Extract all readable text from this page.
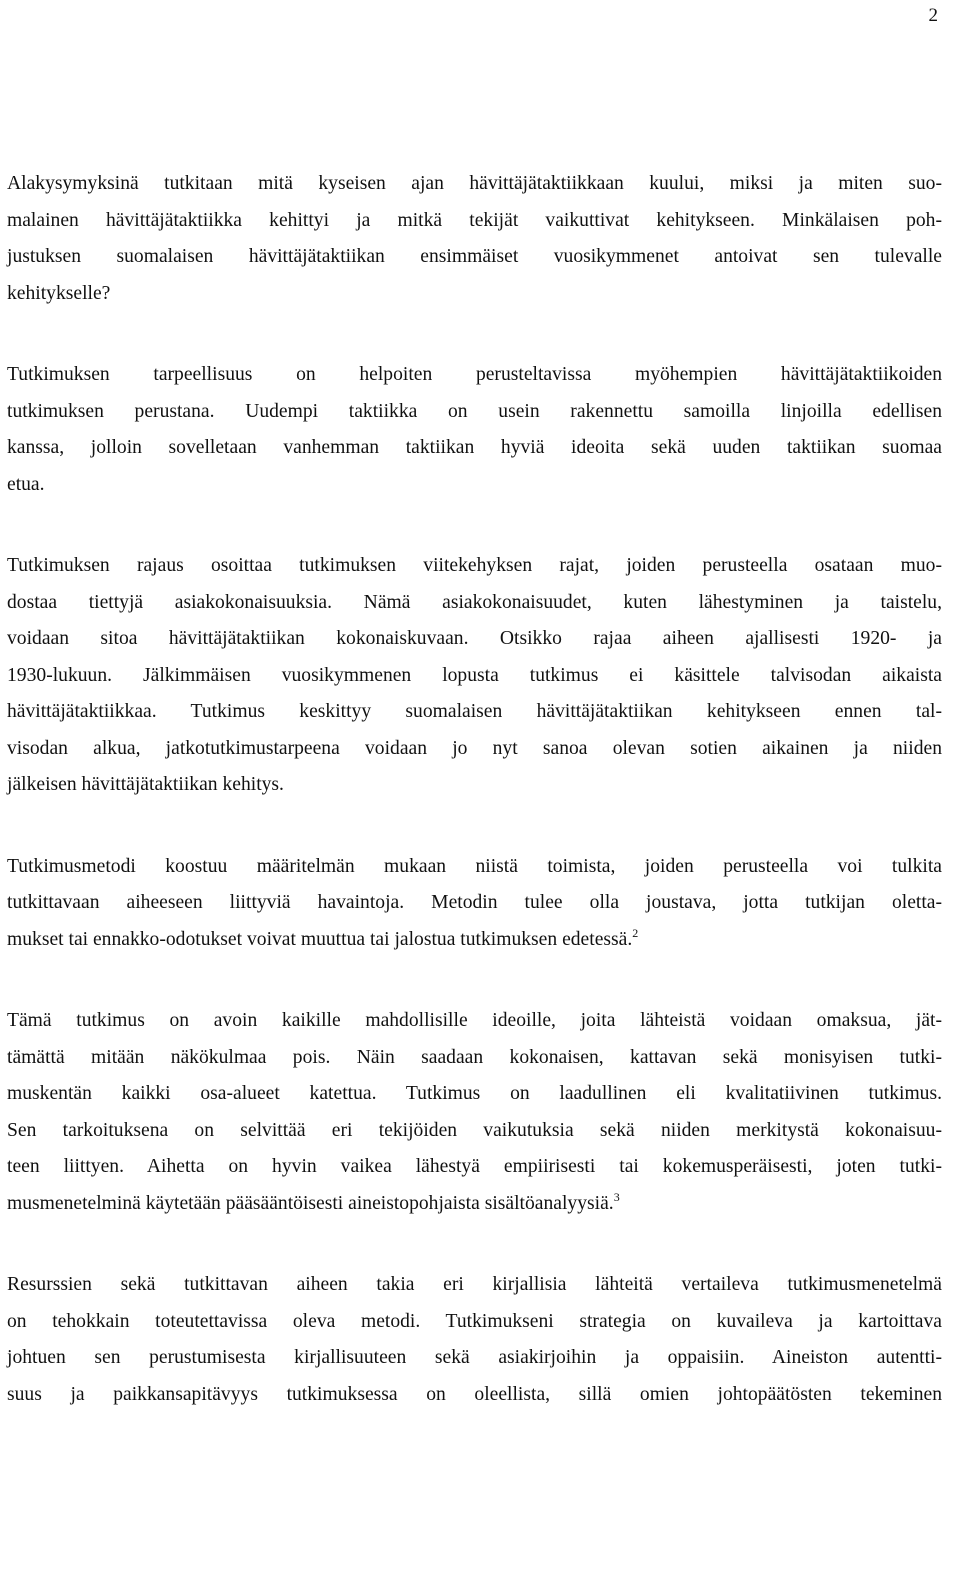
2

Alakysymyksinä tutkitaan mitä kyseisen ajan hävittäjätaktiikkaan kuului, miksi ja miten suo-
malainen hävittäjätaktiikka kehittyi ja mitkä tekijät vaikuttivat kehitykseen. Minkälaisen poh-
justuksen suomalaisen hävittäjätaktiikan ensimmäiset vuosikymmenet antoivat sen tulevalle
kehitykselle?

Tutkimuksen tarpeellisuus on helpoiten perusteltavissa myöhempien hävittäjätaktiikoiden
tutkimuksen perustana. Uudempi taktiikka on usein rakennettu samoilla linjoilla edellisen
kanssa, jolloin sovelletaan vanhemman taktiikan hyviä ideoita sekä uuden taktiikan suomaa
etua.

Tutkimuksen rajaus osoittaa tutkimuksen viitekehyksen rajat, joiden perusteella osataan muo-
dostaa tiettyjä asiakokonaisuuksia. Nämä asiakokonaisuudet, kuten lähestyminen ja taistelu,
voidaan sitoa hävittäjätaktiikan kokonaiskuvaan. Otsikko rajaa aiheen ajallisesti 1920- ja
1930-lukuun. Jälkimmäisen vuosikymmenen lopusta tutkimus ei käsittele talvisodan aikaista
hävittäjätaktiikkaa. Tutkimus keskittyy suomalaisen hävittäjätaktiikan kehitykseen ennen tal-
visodan alkua, jatkotutkimustarpeena voidaan jo nyt sanoa olevan sotien aikainen ja niiden
jälkeisen hävittäjätaktiikan kehitys.

Tutkimusmetodi koostuu määritelmän mukaan niistä toimista, joiden perusteella voi tulkita
tutkittavaan aiheeseen liittyviä havaintoja. Metodin tulee olla joustava, jotta tutkijan oletta-
mukset tai ennakko-odotukset voivat muuttua tai jalostua tutkimuksen edetessä.$^2$

Tämä tutkimus on avoin kaikille mahdollisille ideoille, joita lähteistä voidaan omaksua, jät-
tämättä mitään näkökulmaa pois. Näin saadaan kokonaisen, kattavan sekä monisyisen tutki-
muskentän kaikki osa-alueet katettua. Tutkimus on laadullinen eli kvalitatiivinen tutkimus.
Sen tarkoituksena on selvittää eri tekijöiden vaikutuksia sekä niiden merkitystä kokonaisuu-
teen liittyen. Aihetta on hyvin vaikea lähestyä empiirisesti tai kokemusperäisesti, joten tutki-
musmenetelminä käytetään pääsääntöisesti aineistopohjaista sisältöanalyysiä.$^3$

Resurssien sekä tutkittavan aiheen takia eri kirjallisia lähteitä vertaileva tutkimusmenetelmä
on tehokkain toteutettavissa oleva metodi. Tutkimukseni strategia on kuvaileva ja kartoittava
johtuen sen perustumisesta kirjallisuuteen sekä asiakirjoihin ja oppaisiin. Aineiston autentti-
suus ja paikkansapitävyys tutkimuksessa on oleellista, sillä omien johtopäätösten tekeminen
